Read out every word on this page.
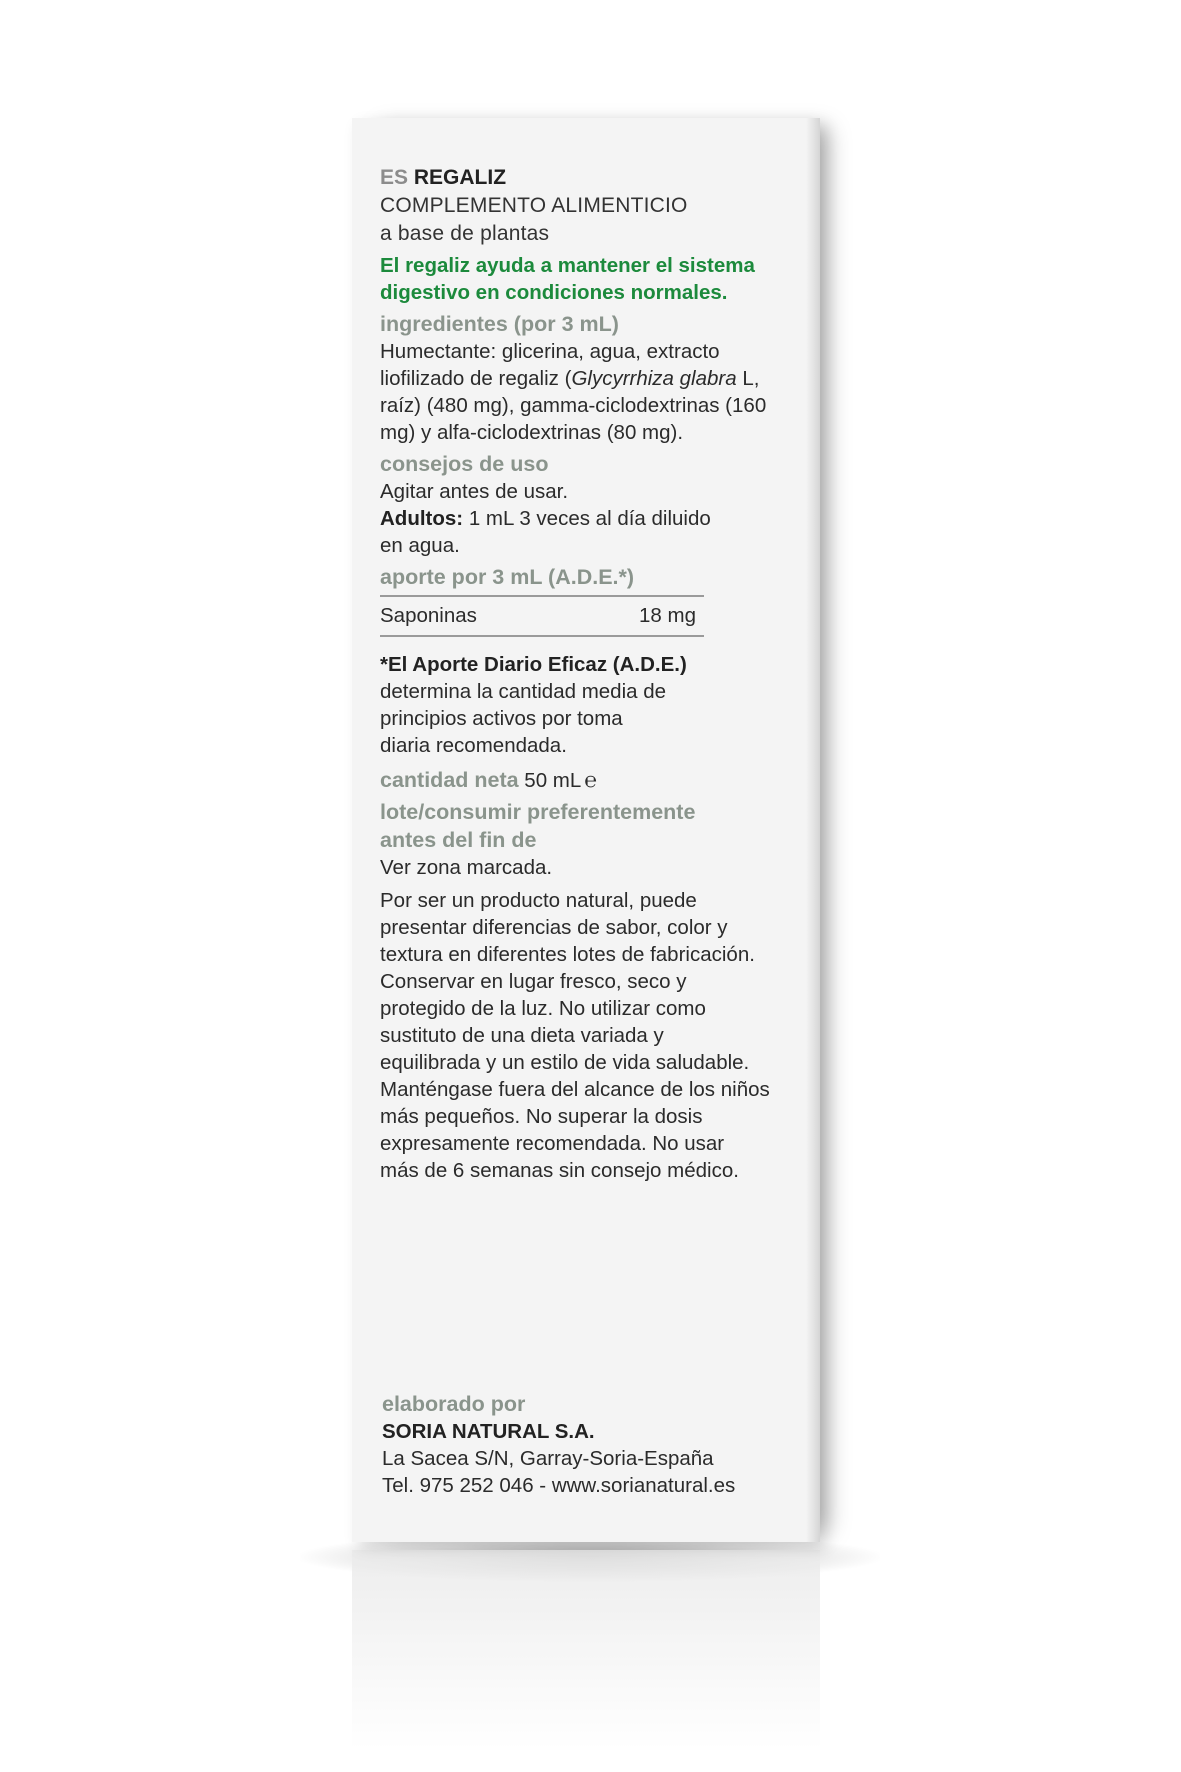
ES REGALIZ

COMPLEMENTO ALIMENTICIO

a base de plantas

El regaliz ayuda a mantener el sistema

digestivo en condiciones normales.

ingredientes (por 3 mL)

Humectante: glicerina, agua, extracto

liofilizado de regaliz (Glycyrrhiza glabra L,

raíz) (480 mg), gamma-ciclodextrinas (160

mg) y alfa-ciclodextrinas (80 mg).

consejos de uso

Agitar antes de usar.

Adultos: 1 mL 3 veces al día diluido

en agua.

aporte por 3 mL (A.D.E.*)

Saponinas	18 mg

*El Aporte Diario Eficaz (A.D.E.)

determina la cantidad media de

principios activos por toma

diaria recomendada.

cantidad neta 50 mL ℮

lote/consumir preferentemente

antes del fin de

Ver zona marcada.

Por ser un producto natural, puede

presentar diferencias de sabor, color y

textura en diferentes lotes de fabricación.

Conservar en lugar fresco, seco y

protegido de la luz. No utilizar como

sustituto de una dieta variada y

equilibrada y un estilo de vida saludable.

Manténgase fuera del alcance de los niños

más pequeños. No superar la dosis

expresamente recomendada. No usar

más de 6 semanas sin consejo médico.

elaborado por

SORIA NATURAL S.A.

La Sacea S/N, Garray-Soria-España

Tel. 975 252 046 - www.sorianatural.es
